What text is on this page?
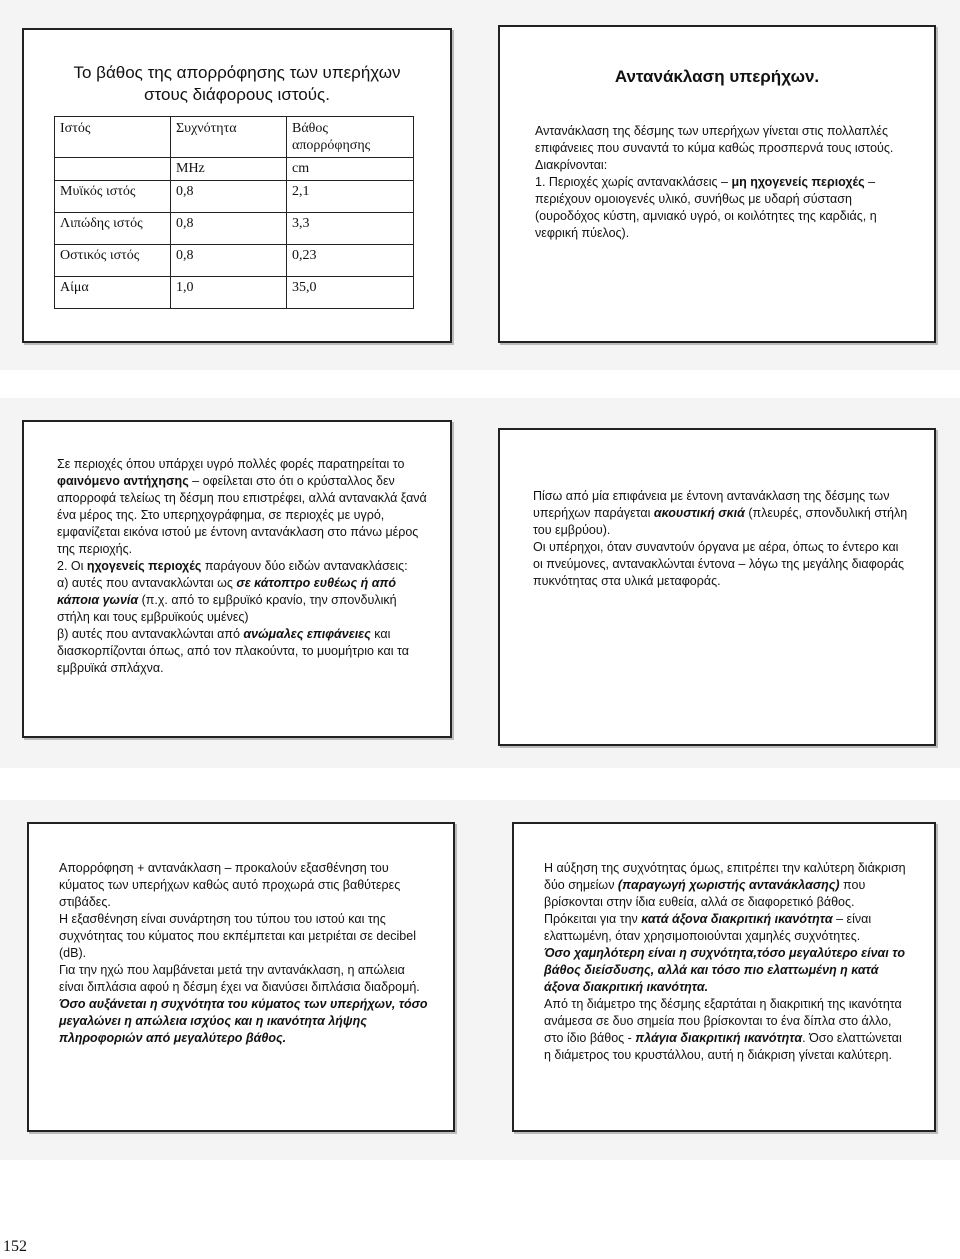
Το βάθος της απορρόφησης των υπερήχων
στους διάφορους ιστούς.
Ιστός	Συχνότητα	Βάθος απορρόφησης
	MHz	cm
Μυϊκός ιστός	0,8	2,1
Λιπώδης ιστός	0,8	3,3
Οστικός ιστός	0,8	0,23
Αίμα	1,0	35,0
Αντανάκλαση υπερήχων.

Αντανάκλαση της δέσμης των υπερήχων γίνεται στις πολλαπλές επιφάνειες που συναντά το κύμα καθώς προσπερνά τους ιστούς.

Διακρίνονται:

1. Περιοχές χωρίς αντανακλάσεις – μη ηχογενείς περιοχές –περιέχουν ομοιογενές υλικό, συνήθως με υδαρή σύσταση (ουροδόχος κύστη, αμνιακό υγρό, οι κοιλότητες της καρδιάς, η νεφρική πύελος).

Σε περιοχές όπου υπάρχει υγρό πολλές φορές παρατηρείται το φαινόμενο αντήχησης – οφείλεται στο ότι ο κρύσταλλος δεν απορροφά τελείως τη δέσμη που επιστρέφει, αλλά αντανακλά ξανά ένα μέρος της. Στο υπερηχογράφημα, σε περιοχές με υγρό, εμφανίζεται εικόνα ιστού με έντονη αντανάκλαση στο πάνω μέρος της περιοχής.

2. Οι ηχογενείς περιοχές παράγουν δύο ειδών αντανακλάσεις:

α) αυτές που αντανακλώνται ως σε κάτοπτρο ευθέως ή από κάποια γωνία (π.χ. από το εμβρυϊκό κρανίο, την σπονδυλική στήλη και τους εμβρυϊκούς υμένες)

β) αυτές που αντανακλώνται από ανώμαλες επιφάνειες και διασκορπίζονται όπως, από τον πλακούντα, το μυομήτριο και τα εμβρυϊκά σπλάχνα.

Πίσω από μία επιφάνεια με έντονη αντανάκλαση της δέσμης των υπερήχων παράγεται ακουστική σκιά (πλευρές, σπονδυλική στήλη του εμβρύου).

Οι υπέρηχοι, όταν συναντούν όργανα με αέρα, όπως το έντερο και οι πνεύμονες, αντανακλώνται έντονα – λόγω της μεγάλης διαφοράς πυκνότητας στα υλικά μεταφοράς.

Απορρόφηση + αντανάκλαση – προκαλούν εξασθένηση του κύματος των υπερήχων καθώς αυτό προχωρά στις βαθύτερες στιβάδες.

Η εξασθένηση είναι συνάρτηση του τύπου του ιστού και της συχνότητας του κύματος που εκπέμπεται και μετριέται σε decibel (dB).

Για την ηχώ που λαμβάνεται μετά την αντανάκλαση, η απώλεια είναι διπλάσια αφού η δέσμη έχει να διανύσει διπλάσια διαδρομή.

Όσο αυξάνεται η συχνότητα του κύματος των υπερήχων, τόσο μεγαλώνει η απώλεια ισχύος και η ικανότητα λήψης πληροφοριών από μεγαλύτερο βάθος.

Η αύξηση της συχνότητας όμως, επιτρέπει την καλύτερη διάκριση δύο σημείων (παραγωγή χωριστής αντανάκλασης) που βρίσκονται στην ίδια ευθεία, αλλά σε διαφορετικό βάθος.

Πρόκειται για την κατά άξονα διακριτική ικανότητα – είναι ελαττωμένη, όταν χρησιμοποιούνται χαμηλές συχνότητες.

Όσο χαμηλότερη είναι η συχνότητα,τόσο μεγαλύτερο είναι το βάθος διείσδυσης, αλλά και τόσο πιο ελαττωμένη η κατά άξονα διακριτική ικανότητα.

Από τη διάμετρο της δέσμης εξαρτάται η διακριτική της ικανότητα ανάμεσα σε δυο σημεία που βρίσκονται το ένα δίπλα στο άλλο, στο ίδιο βάθος - πλάγια διακριτική ικανότητα. Όσο ελαττώνεται η διάμετρος του κρυστάλλου, αυτή η διάκριση γίνεται καλύτερη.

152
